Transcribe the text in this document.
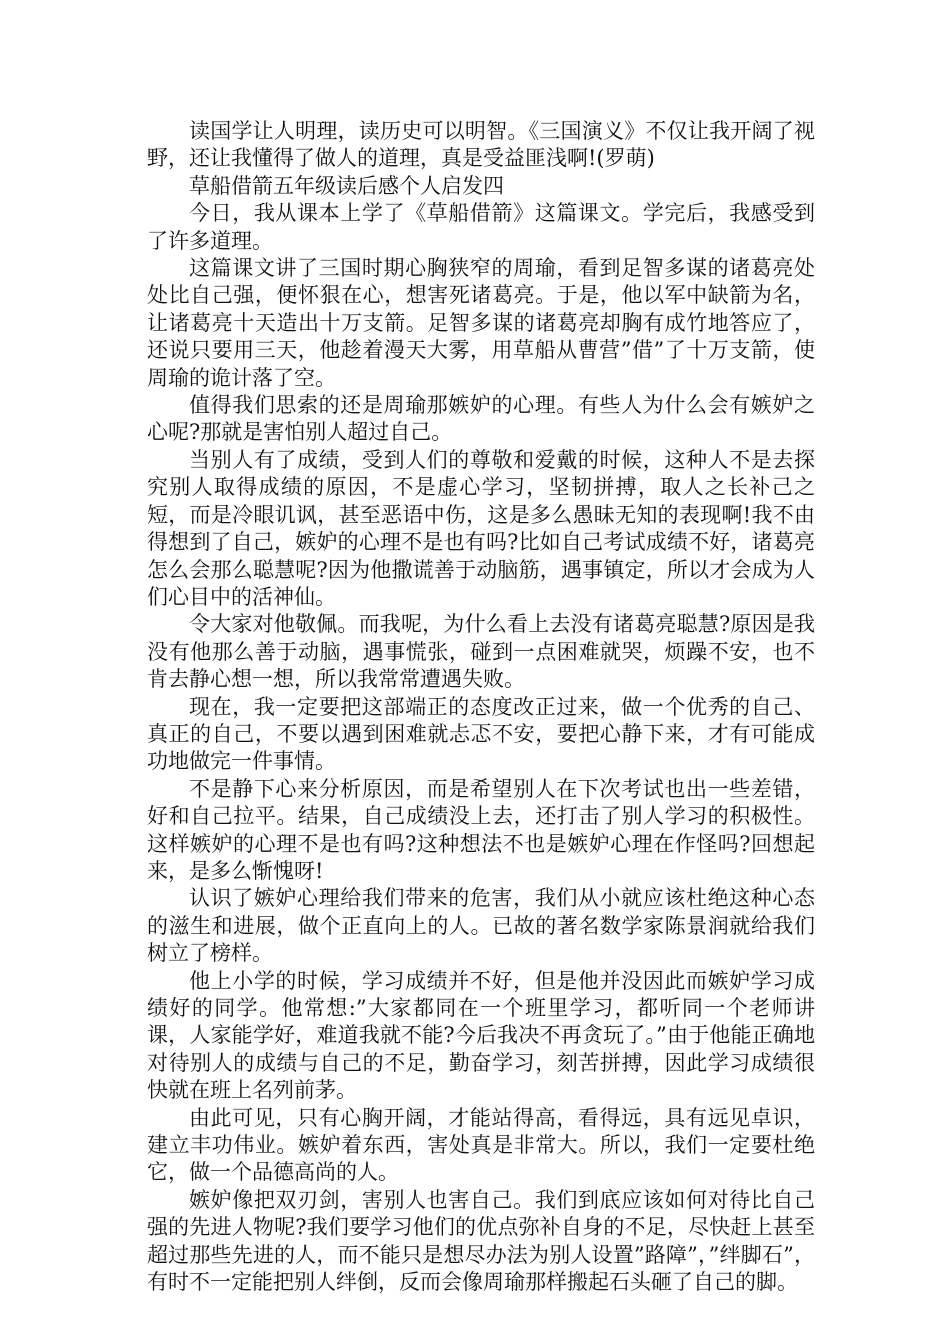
读国学让人明理，读历史可以明智。《三国演义》不仅让我开阔了视野，还让我懂得了做人的道理，真是受益匪浅啊!(罗萌)

草船借箭五年级读后感个人启发四

今日，我从课本上学了《草船借箭》这篇课文。学完后，我感受到了许多道理。

这篇课文讲了三国时期心胸狭窄的周瑜，看到足智多谋的诸葛亮处处比自己强，便怀狠在心，想害死诸葛亮。于是，他以军中缺箭为名，让诸葛亮十天造出十万支箭。足智多谋的诸葛亮却胸有成竹地答应了，还说只要用三天，他趁着漫天大雾，用草船从曹营”借”了十万支箭，使周瑜的诡计落了空。

值得我们思索的还是周瑜那嫉妒的心理。有些人为什么会有嫉妒之心呢?那就是害怕别人超过自己。

当别人有了成绩，受到人们的尊敬和爱戴的时候，这种人不是去探究别人取得成绩的原因，不是虚心学习，坚韧拼搏，取人之长补己之短，而是冷眼讥讽，甚至恶语中伤，这是多么愚昧无知的表现啊!我不由得想到了自己，嫉妒的心理不是也有吗?比如自己考试成绩不好，诸葛亮怎么会那么聪慧呢?因为他撒谎善于动脑筋，遇事镇定，所以才会成为人们心目中的活神仙。

令大家对他敬佩。而我呢，为什么看上去没有诸葛亮聪慧?原因是我没有他那么善于动脑，遇事慌张，碰到一点困难就哭，烦躁不安，也不肯去静心想一想，所以我常常遭遇失败。

现在，我一定要把这部端正的态度改正过来，做一个优秀的自己、真正的自己，不要以遇到困难就忐忑不安，要把心静下来，才有可能成功地做完一件事情。

不是静下心来分析原因，而是希望别人在下次考试也出一些差错，好和自己拉平。结果，自己成绩没上去，还打击了别人学习的积极性。这样嫉妒的心理不是也有吗?这种想法不也是嫉妒心理在作怪吗?回想起来，是多么惭愧呀!

认识了嫉妒心理给我们带来的危害，我们从小就应该杜绝这种心态的滋生和进展，做个正直向上的人。已故的著名数学家陈景润就给我们树立了榜样。

他上小学的时候，学习成绩并不好，但是他并没因此而嫉妒学习成绩好的同学。他常想:”大家都同在一个班里学习，都听同一个老师讲课，人家能学好，难道我就不能?今后我决不再贪玩了。”由于他能正确地对待别人的成绩与自己的不足，勤奋学习，刻苦拼搏，因此学习成绩很快就在班上名列前茅。

由此可见，只有心胸开阔，才能站得高，看得远，具有远见卓识，建立丰功伟业。嫉妒着东西，害处真是非常大。所以，我们一定要杜绝它，做一个品德高尚的人。

嫉妒像把双刃剑，害别人也害自己。我们到底应该如何对待比自己强的先进人物呢?我们要学习他们的优点弥补自身的不足，尽快赶上甚至超过那些先进的人，而不能只是想尽办法为别人设置”路障”，”绊脚石”，有时不一定能把别人绊倒，反而会像周瑜那样搬起石头砸了自己的脚。
